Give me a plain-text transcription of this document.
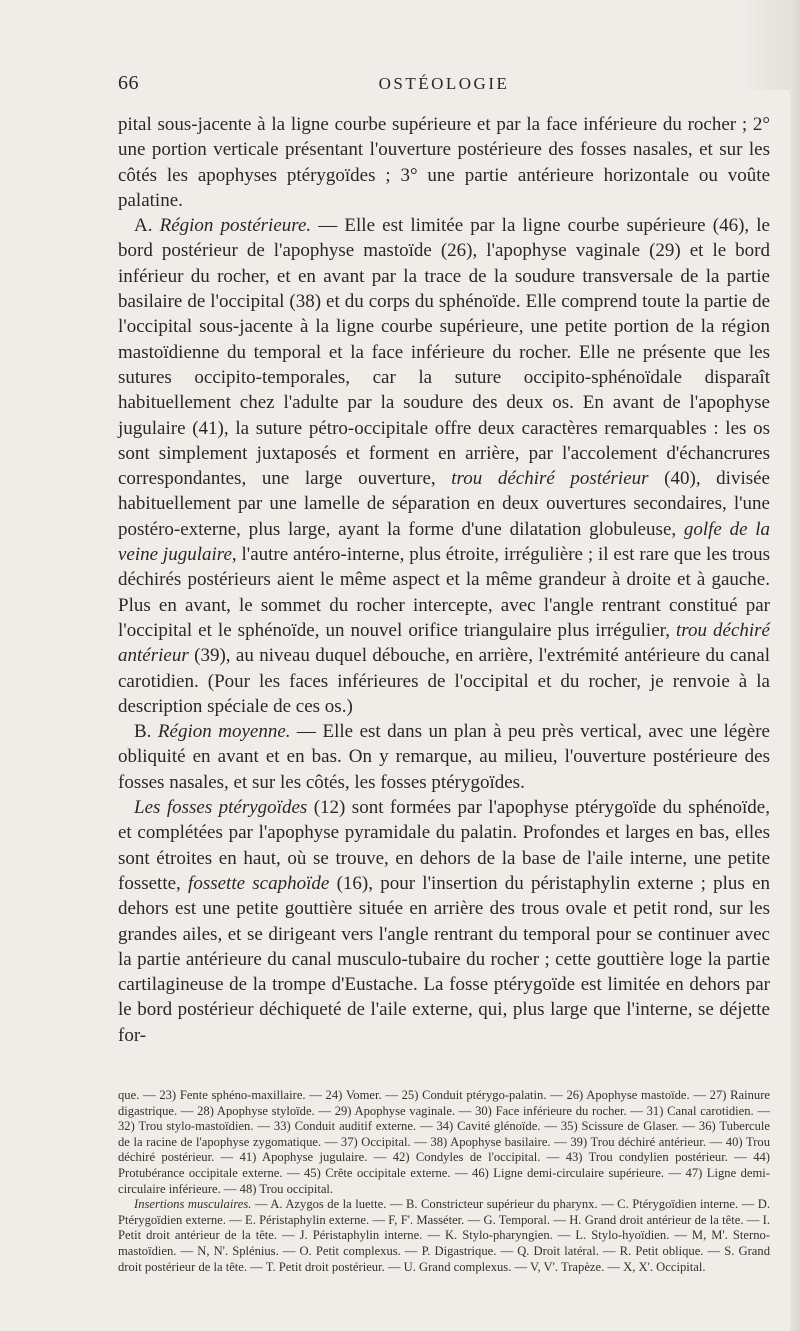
66	OSTÉOLOGIE

pital sous-jacente à la ligne courbe supérieure et par la face inférieure du rocher ; 2° une portion verticale présentant l'ouverture postérieure des fosses nasales, et sur les côtés les apophyses ptérygoïdes ; 3° une partie antérieure horizontale ou voûte palatine.

A. Région postérieure. — Elle est limitée par la ligne courbe supérieure (46), le bord postérieur de l'apophyse mastoïde (26), l'apophyse vaginale (29) et le bord inférieur du rocher, et en avant par la trace de la soudure transversale de la partie basilaire de l'occipital (38) et du corps du sphénoïde. Elle comprend toute la partie de l'occipital sous-jacente à la ligne courbe supérieure, une petite portion de la région mastoïdienne du temporal et la face inférieure du rocher. Elle ne présente que les sutures occipito-temporales, car la suture occipito-sphénoïdale disparaît habituellement chez l'adulte par la soudure des deux os. En avant de l'apophyse jugulaire (41), la suture pétro-occipitale offre deux caractères remarquables : les os sont simplement juxtaposés et forment en arrière, par l'accolement d'échancrures correspondantes, une large ouverture, trou déchiré postérieur (40), divisée habituellement par une lamelle de séparation en deux ouvertures secondaires, l'une postéro-externe, plus large, ayant la forme d'une dilatation globuleuse, golfe de la veine jugulaire, l'autre antéro-interne, plus étroite, irrégulière ; il est rare que les trous déchirés postérieurs aient le même aspect et la même grandeur à droite et à gauche. Plus en avant, le sommet du rocher intercepte, avec l'angle rentrant constitué par l'occipital et le sphénoïde, un nouvel orifice triangulaire plus irrégulier, trou déchiré antérieur (39), au niveau duquel débouche, en arrière, l'extrémité antérieure du canal carotidien. (Pour les faces inférieures de l'occipital et du rocher, je renvoie à la description spéciale de ces os.)

B. Région moyenne. — Elle est dans un plan à peu près vertical, avec une légère obliquité en avant et en bas. On y remarque, au milieu, l'ouverture postérieure des fosses nasales, et sur les côtés, les fosses ptérygoïdes.

Les fosses ptérygoïdes (12) sont formées par l'apophyse ptérygoïde du sphénoïde, et complétées par l'apophyse pyramidale du palatin. Profondes et larges en bas, elles sont étroites en haut, où se trouve, en dehors de la base de l'aile interne, une petite fossette, fossette scaphoïde (16), pour l'insertion du péristaphylin externe ; plus en dehors est une petite gouttière située en arrière des trous ovale et petit rond, sur les grandes ailes, et se dirigeant vers l'angle rentrant du temporal pour se continuer avec la partie antérieure du canal musculo-tubaire du rocher ; cette gouttière loge la partie cartilagineuse de la trompe d'Eustache. La fosse ptérygoïde est limitée en dehors par le bord postérieur déchiqueté de l'aile externe, qui, plus large que l'interne, se déjette for-

que. — 23) Fente sphéno-maxillaire. — 24) Vomer. — 25) Conduit ptérygo-palatin. — 26) Apophyse mastoïde. — 27) Rainure digastrique. — 28) Apophyse styloïde. — 29) Apophyse vaginale. — 30) Face inférieure du rocher. — 31) Canal carotidien. — 32) Trou stylo-mastoïdien. — 33) Conduit auditif externe. — 34) Cavité glénoïde. — 35) Scissure de Glaser. — 36) Tubercule de la racine de l'apophyse zygomatique. — 37) Occipital. — 38) Apophyse basilaire. — 39) Trou déchiré antérieur. — 40) Trou déchiré postérieur. — 41) Apophyse jugulaire. — 42) Condyles de l'occipital. — 43) Trou condylien postérieur. — 44) Protubérance occipitale externe. — 45) Crête occipitale externe. — 46) Ligne demi-circulaire supérieure. — 47) Ligne demi-circulaire inférieure. — 48) Trou occipital.

Insertions musculaires. — A. Azygos de la luette. — B. Constricteur supérieur du pharynx. — C. Ptérygoïdien interne. — D. Ptérygoïdien externe. — E. Péristaphylin externe. — F, F'. Masséter. — G. Temporal. — H. Grand droit antérieur de la tête. — I. Petit droit antérieur de la tête. — J. Péristaphylin interne. — K. Stylo-pharyngien. — L. Stylo-hyoïdien. — M, M'. Sterno-mastoïdien. — N, N'. Splénius. — O. Petit complexus. — P. Digastrique. — Q. Droit latéral. — R. Petit oblique. — S. Grand droit postérieur de la tête. — T. Petit droit postérieur. — U. Grand complexus. — V, V'. Trapèze. — X, X'. Occipital.
